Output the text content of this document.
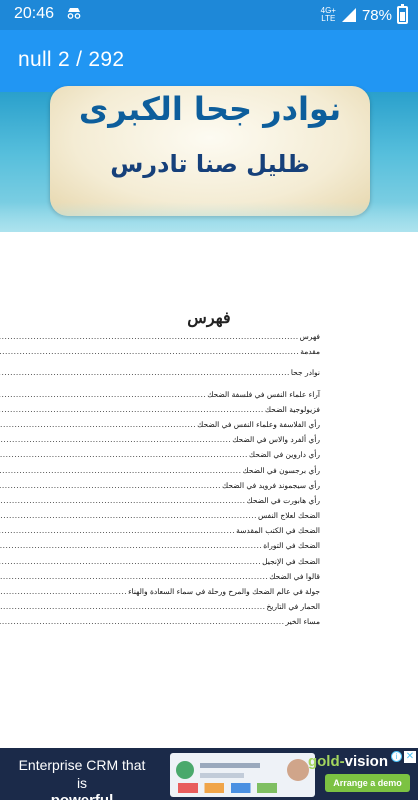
20:46	4G+
LTE 78%
null 2 / 292
نوادر جحا الكبرى
ظليل صنا تادرس
فهرس
فهرس
.....
مقدمة
.....
نوادر جحا
.....
آراء علماء النفس في فلسفة الضحك
.....
فزيولوجية الضحك
.....
رأي الفلاسفة وعلماء النفس في الضحك
.....
رأي ألفرد والاس في الضحك
.....
رأي داروين في الضحك
.....
رأي برجسون في الضحك
.....
رأي سيجموند فرويد في الضحك
.....
رأي هابورت في الضحك
.....
الضحك لعلاج النفس
.....
الضحك في الكتب المقدسة
.....
الضحك في التوراة
.....
الضحك في الإنجيل
.....
قالوا في الضحك
.....
جولة في عالم الضحك والمرح ورحلة في سماء السعادة والهناء
.....
الحمار في التاريخ
.....
مساء الخير
.....
Enterprise CRM that is
powerful
gold-vision
Arrange a demo
i ✕
